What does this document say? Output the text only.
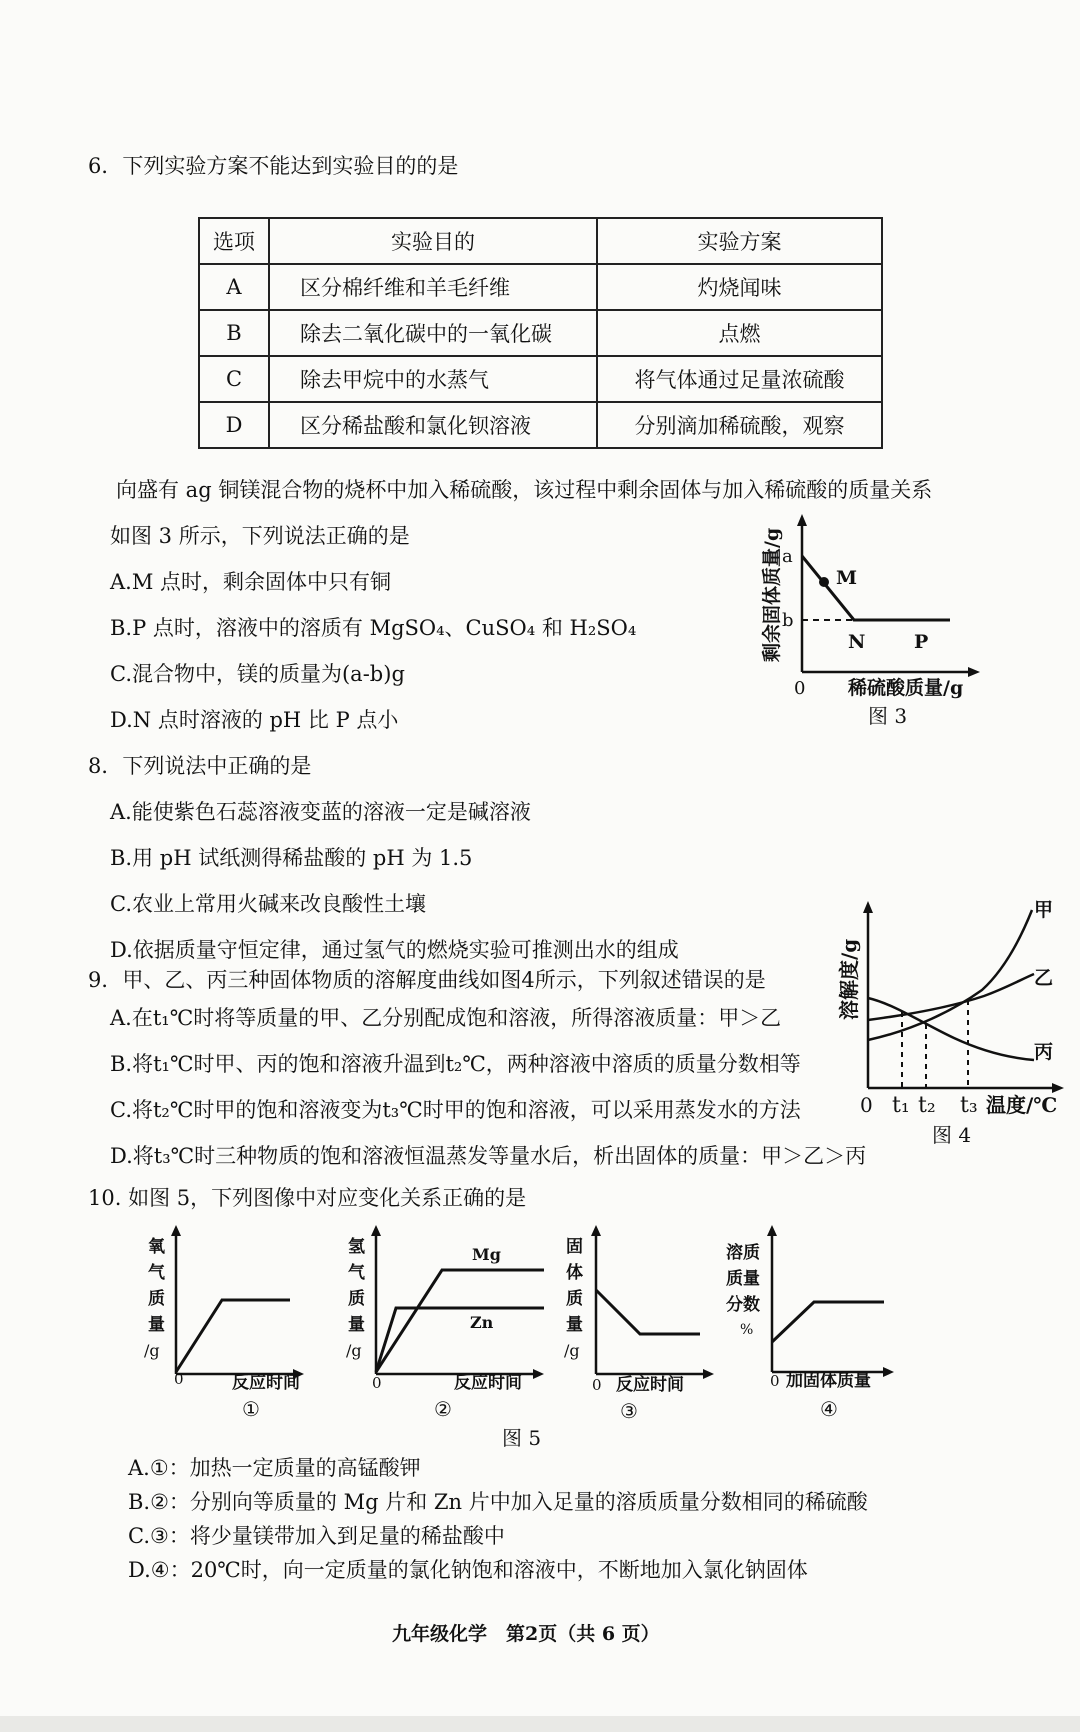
6．下列实验方案不能达到实验目的的是
选项	实验目的	实验方案
A	区分棉纤维和羊毛纤维	灼烧闻味
B	除去二氧化碳中的一氧化碳	点燃
C	除去甲烷中的水蒸气	将气体通过足量浓硫酸
D	区分稀盐酸和氯化钡溶液	分别滴加稀硫酸，观察
向盛有 ag 铜镁混合物的烧杯中加入稀硫酸，该过程中剩余固体与加入稀硫酸的质量关系
如图 3 所示，下列说法正确的是
A.M 点时，剩余固体中只有铜
B.P 点时，溶液中的溶质有 MgSO₄、CuSO₄ 和 H₂SO₄
C.混合物中，镁的质量为(a-b)g
D.N 点时溶液的 pH 比 P 点小
剩余固体质量/g a
b
M
N	P
0 稀硫酸质量/g
图 3
8．下列说法中正确的是
A.能使紫色石蕊溶液变蓝的溶液一定是碱溶液
B.用 pH 试纸测得稀盐酸的 pH 为 1.5
C.农业上常用火碱来改良酸性土壤
D.依据质量守恒定律，通过氢气的燃烧实验可推测出水的组成
9．甲、乙、丙三种固体物质的溶解度曲线如图4所示，下列叙述错误的是
A.在t₁℃时将等质量的甲、乙分别配成饱和溶液，所得溶液质量：甲＞乙
B.将t₁℃时甲、丙的饱和溶液升温到t₂℃，两种溶液中溶质的质量分数相等
C.将t₂℃时甲的饱和溶液变为t₃℃时甲的饱和溶液，可以采用蒸发水的方法
D.将t₃℃时三种物质的饱和溶液恒温蒸发等量水后，析出固体的质量：甲＞乙＞丙
溶解度/g
甲
乙
丙
0 t₁ t₂ t₃ 温度/℃
图 4
10. 如图 5，下列图像中对应变化关系正确的是
氧
气
质
量
/g
0	反应时间
①
氢
气
质
量
/g
Mg
Zn
0	反应时间
②
固
体
质
量
/g
0 反应时间
③
溶质
质量
分数
%
0 加固体质量
④
图 5
A.①：加热一定质量的高锰酸钾
B.②：分别向等质量的 Mg 片和 Zn 片中加入足量的溶质质量分数相同的稀硫酸
C.③：将少量镁带加入到足量的稀盐酸中
D.④：20℃时，向一定质量的氯化钠饱和溶液中，不断地加入氯化钠固体
九年级化学　第2页（共 6 页）
